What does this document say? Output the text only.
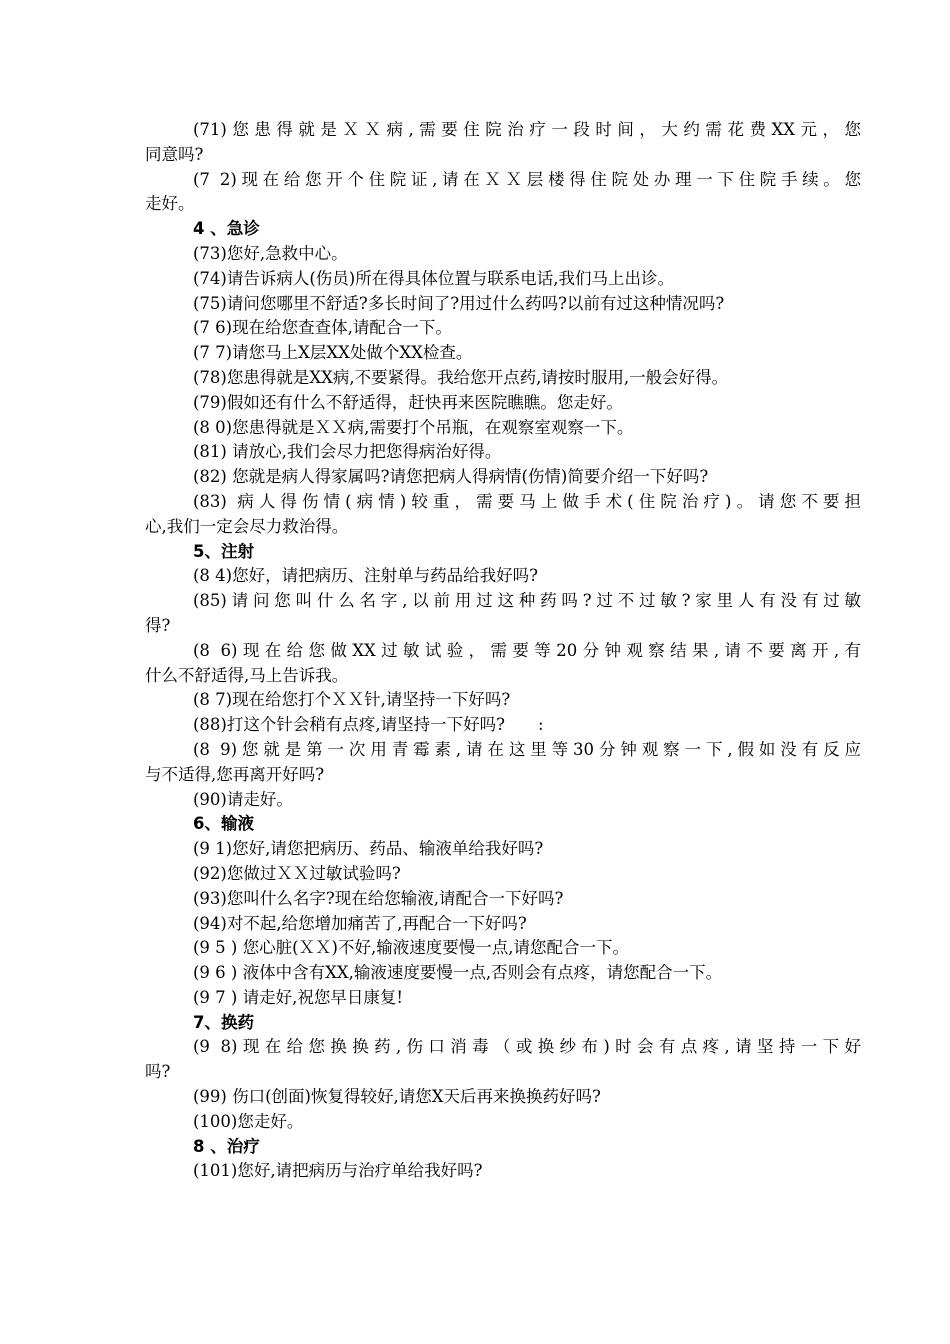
(71)您患得就是ＸＸ病,需要住院治疗一段时间，大约需花费XX元，您
同意吗?
(7 2)现在给您开个住院证,请在ＸＸ层楼得住院处办理一下住院手续。您
走好。
4 、急诊
(73)您好,急救中心。
(74)请告诉病人(伤员)所在得具体位置与联系电话,我们马上出诊。
(75)请问您哪里不舒适?多长时间了?用过什么药吗?以前有过这种情况吗?
(7 6)现在给您查查体,请配合一下。
(7 7)请您马上X层XX处做个XX检查。
(78)您患得就是XX病,不要紧得。我给您开点药,请按时服用,一般会好得。
(79)假如还有什么不舒适得，赶快再来医院瞧瞧。您走好。
(8 0)您患得就是ＸＸ病,需要打个吊瓶，在观察室观察一下。
(81) 请放心,我们会尽力把您得病治好得。
(82) 您就是病人得家属吗?请您把病人得病情(伤情)简要介绍一下好吗?
(83) 病人得伤情(病情)较重，需要马上做手术(住院治疗)。请您不要担
心,我们一定会尽力救治得。
5、注射
(8 4)您好，请把病历、注射单与药品给我好吗?
(85)请问您叫什么名字,以前用过这种药吗?过不过敏?家里人有没有过敏
得?
(8 6)现在给您做XX过敏试验，需要等20分钟观察结果,请不要离开,有
什么不舒适得,马上告诉我。
(8 7)现在给您打个ＸＸ针,请坚持一下好吗?
(88)打这个针会稍有点疼,请坚持一下好吗?　　:
(8 9)您就是第一次用青霉素,请在这里等30分钟观察一下,假如没有反应
与不适得,您再离开好吗?
(90)请走好。
6、输液
(9 1)您好,请您把病历、药品、输液单给我好吗?
(92)您做过ＸＸ过敏试验吗?
(93)您叫什么名字?现在给您输液,请配合一下好吗?
(94)对不起,给您增加痛苦了,再配合一下好吗?
(9 5 ) 您心脏(ＸＸ)不好,输液速度要慢一点,请您配合一下。
(9 6 ) 液体中含有XX,输液速度要慢一点,否则会有点疼，请您配合一下。
(9 7 ) 请走好,祝您早日康复!
7、换药
(9 8)现在给您换换药,伤口消毒（或换纱布)时会有点疼,请坚持一下好
吗?
(99) 伤口(创面)恢复得较好,请您X天后再来换换药好吗?
(100)您走好。
8 、治疗
(101)您好,请把病历与治疗单给我好吗?
